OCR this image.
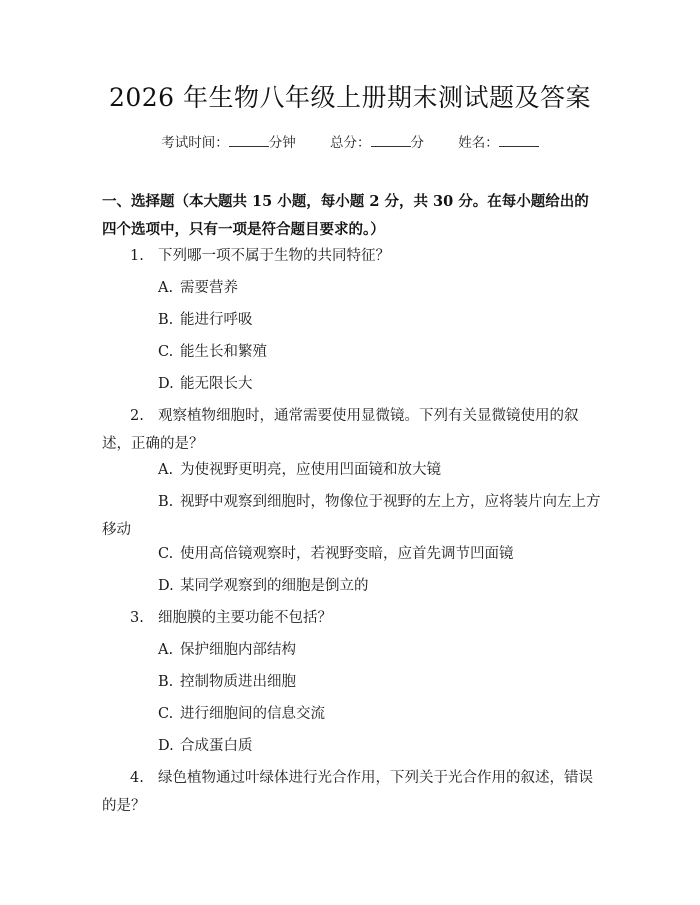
2026 年生物八年级上册期末测试题及答案
考试时间：	分钟	总分：	分	姓名：
一、选择题（本大题共 15 小题，每小题 2 分，共 30 分。在每小题给出的四个选项中，只有一项是符合题目要求的。）
1. 下列哪一项不属于生物的共同特征？
A. 需要营养
B. 能进行呼吸
C. 能生长和繁殖
D. 能无限长大
2. 观察植物细胞时，通常需要使用显微镜。下列有关显微镜使用的叙述，正确的是？
A. 为使视野更明亮，应使用凹面镜和放大镜
B. 视野中观察到细胞时，物像位于视野的左上方，应将装片向左上方移动
C. 使用高倍镜观察时，若视野变暗，应首先调节凹面镜
D. 某同学观察到的细胞是倒立的
3. 细胞膜的主要功能不包括？
A. 保护细胞内部结构
B. 控制物质进出细胞
C. 进行细胞间的信息交流
D. 合成蛋白质
4. 绿色植物通过叶绿体进行光合作用，下列关于光合作用的叙述，错误的是？
